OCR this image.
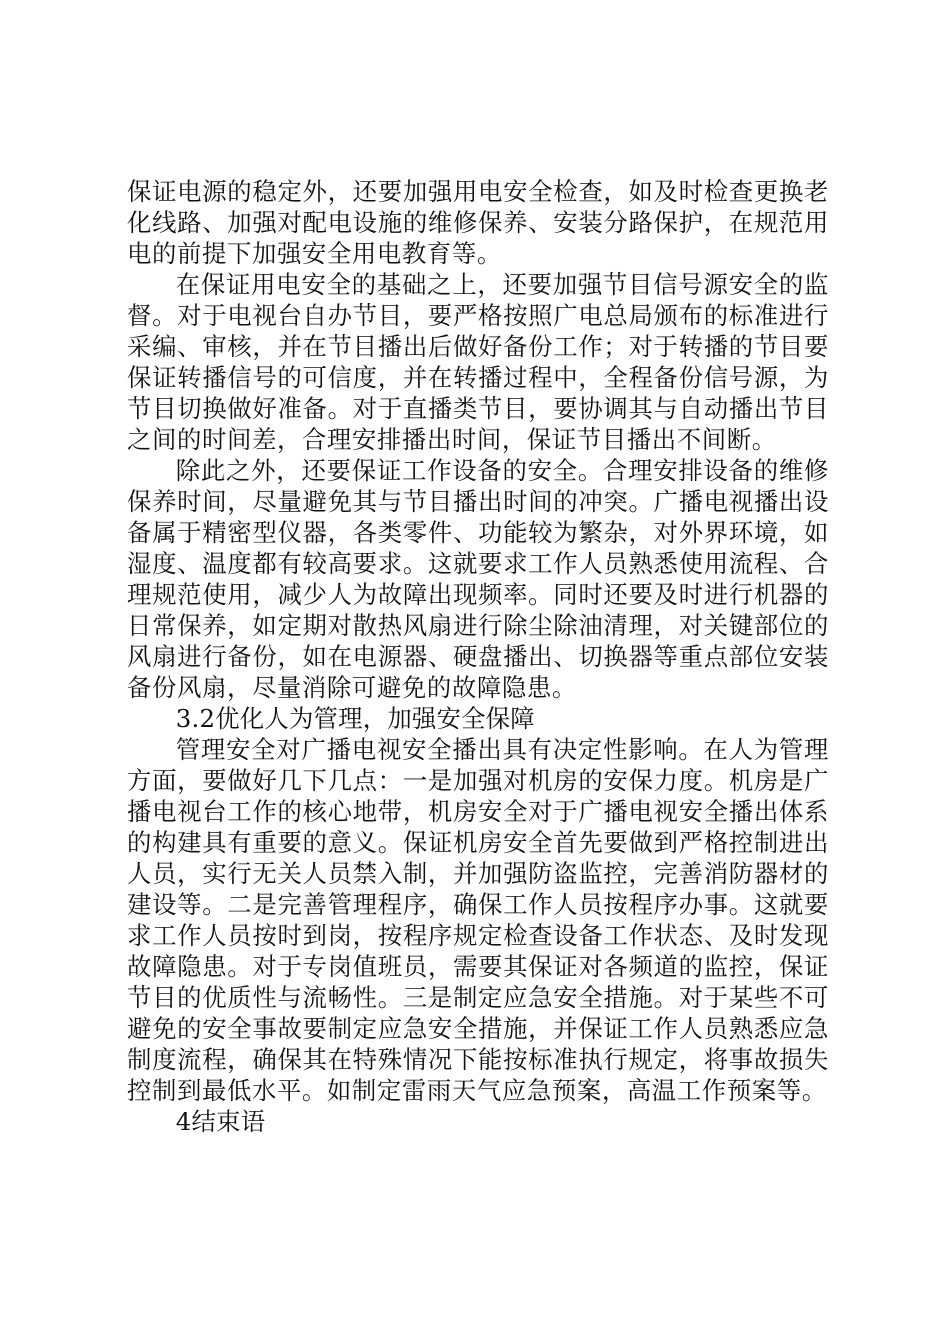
保证电源的稳定外，还要加强用电安全检查，如及时检查更换老化线路、加强对配电设施的维修保养、安装分路保护，在规范用电的前提下加强安全用电教育等。

在保证用电安全的基础之上，还要加强节目信号源安全的监督。对于电视台自办节目，要严格按照广电总局颁布的标准进行采编、审核，并在节目播出后做好备份工作；对于转播的节目要保证转播信号的可信度，并在转播过程中，全程备份信号源，为节目切换做好准备。对于直播类节目，要协调其与自动播出节目之间的时间差，合理安排播出时间，保证节目播出不间断。

除此之外，还要保证工作设备的安全。合理安排设备的维修保养时间，尽量避免其与节目播出时间的冲突。广播电视播出设备属于精密型仪器，各类零件、功能较为繁杂，对外界环境，如湿度、温度都有较高要求。这就要求工作人员熟悉使用流程、合理规范使用，减少人为故障出现频率。同时还要及时进行机器的日常保养，如定期对散热风扇进行除尘除油清理，对关键部位的风扇进行备份，如在电源器、硬盘播出、切换器等重点部位安装备份风扇，尽量消除可避免的故障隐患。

3.2优化人为管理，加强安全保障

管理安全对广播电视安全播出具有决定性影响。在人为管理方面，要做好几下几点：一是加强对机房的安保力度。机房是广播电视台工作的核心地带，机房安全对于广播电视安全播出体系的构建具有重要的意义。保证机房安全首先要做到严格控制进出人员，实行无关人员禁入制，并加强防盗监控，完善消防器材的建设等。二是完善管理程序，确保工作人员按程序办事。这就要求工作人员按时到岗，按程序规定检查设备工作状态、及时发现故障隐患。对于专岗值班员，需要其保证对各频道的监控，保证节目的优质性与流畅性。三是制定应急安全措施。对于某些不可避免的安全事故要制定应急安全措施，并保证工作人员熟悉应急制度流程，确保其在特殊情况下能按标准执行规定，将事故损失控制到最低水平。如制定雷雨天气应急预案，高温工作预案等。

4结束语
